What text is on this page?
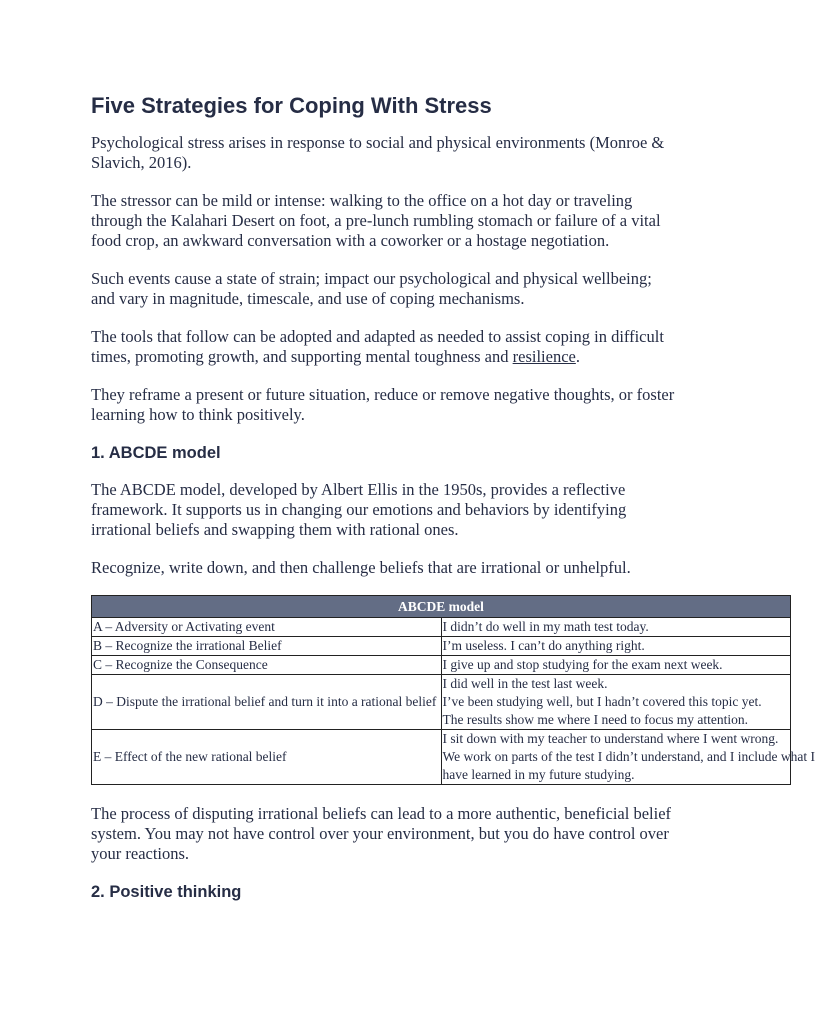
Five Strategies for Coping With Stress

Psychological stress arises in response to social and physical environments (Monroe & Slavich, 2016).

The stressor can be mild or intense: walking to the office on a hot day or traveling through the Kalahari Desert on foot, a pre-lunch rumbling stomach or failure of a vital food crop, an awkward conversation with a coworker or a hostage negotiation.

Such events cause a state of strain; impact our psychological and physical wellbeing; and vary in magnitude, timescale, and use of coping mechanisms.

The tools that follow can be adopted and adapted as needed to assist coping in difficult times, promoting growth, and supporting mental toughness and resilience.

They reframe a present or future situation, reduce or remove negative thoughts, or foster learning how to think positively.

1. ABCDE model

The ABCDE model, developed by Albert Ellis in the 1950s, provides a reflective framework. It supports us in changing our emotions and behaviors by identifying irrational beliefs and swapping them with rational ones.

Recognize, write down, and then challenge beliefs that are irrational or unhelpful.

ABCDE model	
A – Adversity or Activating event	I didn’t do well in my math test today.

B – Recognize the irrational Belief	I’m useless. I can’t do anything right.

C – Recognize the Consequence	I give up and stop studying for the exam next week.

D – Dispute the irrational belief and turn it into a rational belief	I did well in the test last week.
I’ve been studying well, but I hadn’t covered this topic yet.
The results show me where I need to focus my attention.

E – Effect of the new rational belief	I sit down with my teacher to understand where I went wrong.
We work on parts of the test I didn’t understand, and I include what I
have learned in my future studying.

The process of disputing irrational beliefs can lead to a more authentic, beneficial belief system. You may not have control over your environment, but you do have control over your reactions.

2. Positive thinking
